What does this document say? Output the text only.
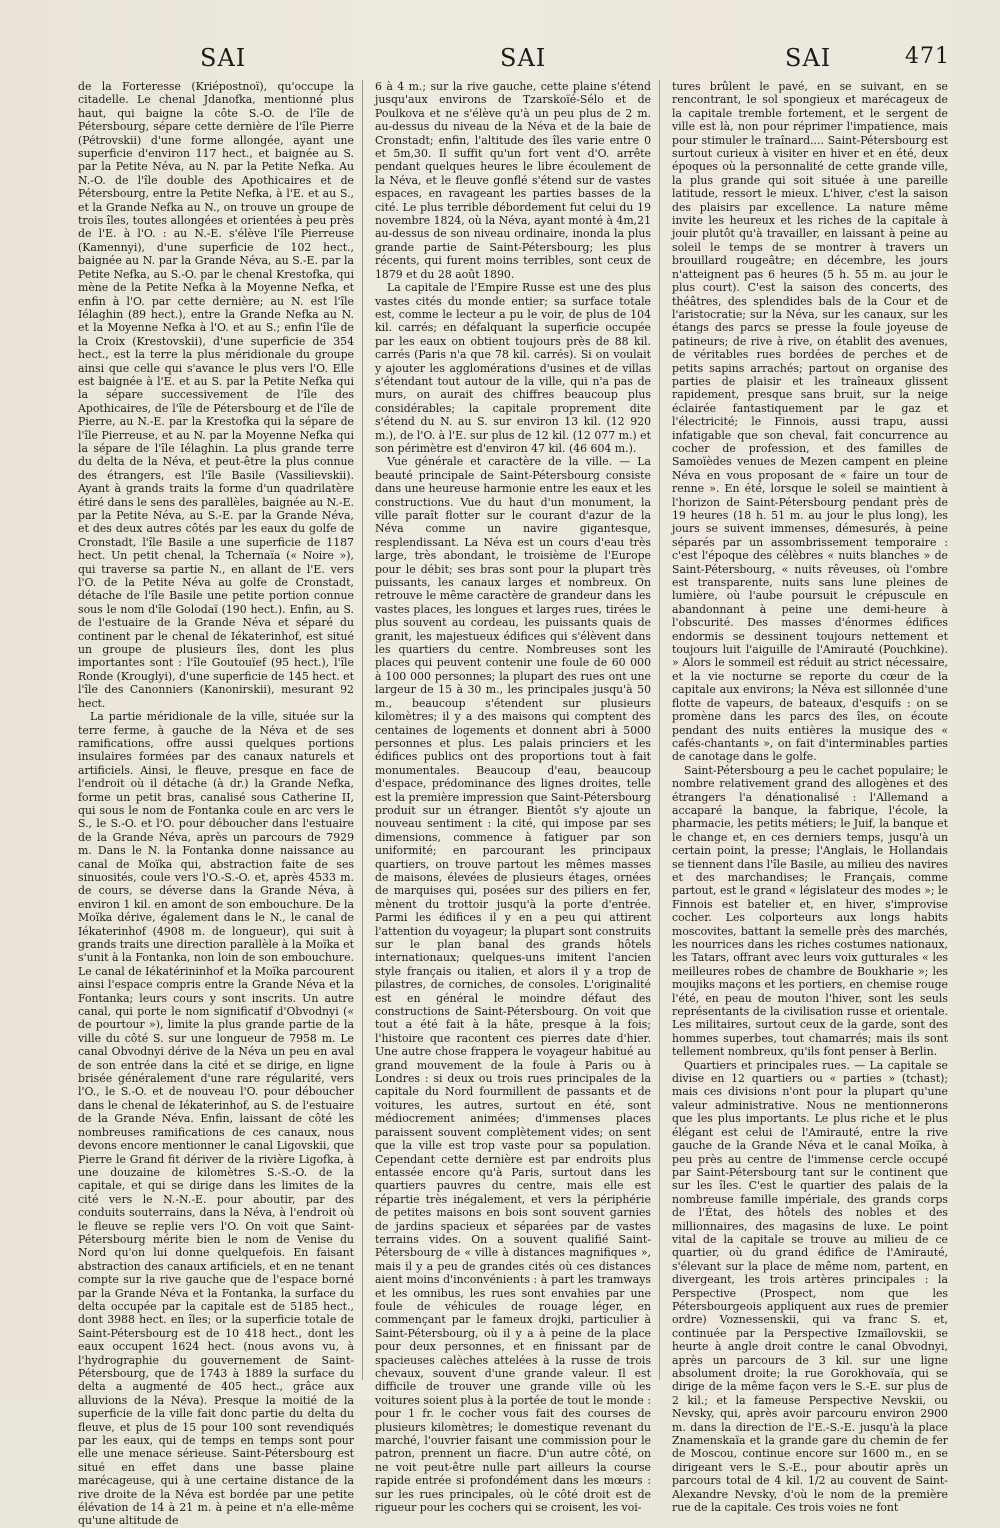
SAI	SAI	SAI	471

de la Forteresse (Kriépostnoï), qu'occupe la citadelle. Le chenal Jdanofka, mentionné plus haut, qui baigne la côte S.-O. de l'île de Pétersbourg, sépare cette dernière de l'île Pierre (Pétrovskii) d'une forme allongée, ayant une superficie d'environ 117 hect., et baignée au S. par la Petite Néva, au N. par la Petite Nefka. Au N.-O. de l'île double des Apothicaires et de Pétersbourg, entre la Petite Nefka, à l'E. et au S., et la Grande Nefka au N., on trouve un groupe de trois îles, toutes allongées et orientées à peu près de l'E. à l'O. : au N.-E. s'élève l'île Pierreuse (Kamennyi), d'une superficie de 102 hect., baignée au N. par la Grande Néva, au S.-E. par la Petite Nefka, au S.-O. par le chenal Krestofka, qui mène de la Petite Nefka à la Moyenne Nefka, et enfin à l'O. par cette dernière; au N. est l'île Iélaghin (89 hect.), entre la Grande Nefka au N. et la Moyenne Nefka à l'O. et au S.; enfin l'île de la Croix (Krestovskii), d'une superficie de 354 hect., est la terre la plus méridionale du groupe ainsi que celle qui s'avance le plus vers l'O. Elle est baignée à l'E. et au S. par la Petite Nefka qui la sépare successivement de l'île des Apothicaires, de l'île de Pétersbourg et de l'île de Pierre, au N.-E. par la Krestofka qui la sépare de l'île Pierreuse, et au N. par la Moyenne Nefka qui la sépare de l'île Iélaghin. La plus grande terre du delta de la Néva, et peut-être la plus connue des étrangers, est l'île Basile (Vassilievskii). Ayant à grands traits la forme d'un quadrilatère étiré dans le sens des parallèles, baignée au N.-E. par la Petite Néva, au S.-E. par la Grande Néva, et des deux autres côtés par les eaux du golfe de Cronstadt, l'île Basile a une superficie de 1187 hect. Un petit chenal, la Tchernaïa (« Noire »), qui traverse sa partie N., en allant de l'E. vers l'O. de la Petite Néva au golfe de Cronstadt, détache de l'île Basile une petite portion connue sous le nom d'île Golodaï (190 hect.). Enfin, au S. de l'estuaire de la Grande Néva et séparé du continent par le chenal de Iékaterinhof, est situé un groupe de plusieurs îles, dont les plus importantes sont : l'île Goutouïef (95 hect.), l'île Ronde (Krouglyi), d'une superficie de 145 hect. et l'île des Canonniers (Kanonirskii), mesurant 92 hect.

La partie méridionale de la ville, située sur la terre ferme, à gauche de la Néva et de ses ramifications, offre aussi quelques portions insulaires formées par des canaux naturels et artificiels. Ainsi, le fleuve, presque en face de l'endroit où il détache (à dr.) la Grande Nefka, forme un petit bras, canalisé sous Catherine II, qui sous le nom de Fontanka coule en arc vers le S., le S.-O. et l'O. pour déboucher dans l'estuaire de la Grande Néva, après un parcours de 7929 m. Dans le N. la Fontanka donne naissance au canal de Moïka qui, abstraction faite de ses sinuosités, coule vers l'O.-S.-O. et, après 4533 m. de cours, se déverse dans la Grande Néva, à environ 1 kil. en amont de son embouchure. De la Moïka dérive, également dans le N., le canal de Iékaterinhof (4908 m. de longueur), qui suit à grands traits une direction parallèle à la Moïka et s'unit à la Fontanka, non loin de son embouchure. Le canal de Iékatérininhof et la Moïka parcourent ainsi l'espace compris entre la Grande Néva et la Fontanka; leurs cours y sont inscrits. Un autre canal, qui porte le nom significatif d'Obvodnyi (« de pourtour »), limite la plus grande partie de la ville du côté S. sur une longueur de 7958 m. Le canal Obvodnyi dérive de la Néva un peu en aval de son entrée dans la cité et se dirige, en ligne brisée généralement d'une rare régularité, vers l'O., le S.-O. et de nouveau l'O. pour déboucher dans le chenal de Iékaterinhof, au S. de l'estuaire de la Grande Néva. Enfin, laissant de côté les nombreuses ramifications de ces canaux, nous devons encore mentionner le canal Ligovskii, que Pierre le Grand fit dériver de la rivière Ligofka, à une douzaine de kilomètres S.-S.-O. de la capitale, et qui se dirige dans les limites de la cité vers le N.-N.-E. pour aboutir, par des conduits souterrains, dans la Néva, à l'endroit où le fleuve se replie vers l'O. On voit que Saint-Pétersbourg mérite bien le nom de Venise du Nord qu'on lui donne quelquefois. En faisant abstraction des canaux artificiels, et en ne tenant compte sur la rive gauche que de l'espace borné par la Grande Néva et la Fontanka, la surface du delta occupée par la capitale est de 5185 hect., dont 3988 hect. en îles; or la superficie totale de Saint-Pétersbourg est de 10 418 hect., dont les eaux occupent 1624 hect. (nous avons vu, à l'hydrographie du gouvernement de Saint-Pétersbourg, que de 1743 à 1889 la surface du delta a augmenté de 405 hect., grâce aux alluvions de la Néva). Presque la moitié de la superficie de la ville fait donc partie du delta du fleuve, et plus de 15 pour 100 sont revendiqués par les eaux, qui de temps en temps sont pour elle une menace sérieuse. Saint-Pétersbourg est situé en effet dans une basse plaine marécageuse, qui à une certaine distance de la rive droite de la Néva est bordée par une petite élévation de 14 à 21 m. à peine et n'a elle-même qu'une altitude de

6 à 4 m.; sur la rive gauche, cette plaine s'étend jusqu'aux environs de Tzarskoïé-Sélo et de Poulkova et ne s'élève qu'à un peu plus de 2 m. au-dessus du niveau de la Néva et de la baie de Cronstadt; enfin, l'altitude des îles varie entre 0 et 5m,30. Il suffit qu'un fort vent d'O. arrête pendant quelques heures le libre écoulement de la Néva, et le fleuve gonflé s'étend sur de vastes espaces, en ravageant les parties basses de la cité. Le plus terrible débordement fut celui du 19 novembre 1824, où la Néva, ayant monté à 4m,21 au-dessus de son niveau ordinaire, inonda la plus grande partie de Saint-Pétersbourg; les plus récents, qui furent moins terribles, sont ceux de 1879 et du 28 août 1890.

La capitale de l'Empire Russe est une des plus vastes cités du monde entier; sa surface totale est, comme le lecteur a pu le voir, de plus de 104 kil. carrés; en défalquant la superficie occupée par les eaux on obtient toujours près de 88 kil. carrés (Paris n'a que 78 kil. carrés). Si on voulait y ajouter les agglomérations d'usines et de villas s'étendant tout autour de la ville, qui n'a pas de murs, on aurait des chiffres beaucoup plus considérables; la capitale proprement dite s'étend du N. au S. sur environ 13 kil. (12 920 m.), de l'O. à l'E. sur plus de 12 kil. (12 077 m.) et son périmètre est d'environ 47 kil. (46 604 m.).

Vue générale et caractère de la ville. — La beauté principale de Saint-Pétersbourg consiste dans une heureuse harmonie entre les eaux et les constructions. Vue du haut d'un monument, la ville paraît flotter sur le courant d'azur de la Néva comme un navire gigantesque, resplendissant. La Néva est un cours d'eau très large, très abondant, le troisième de l'Europe pour le débit; ses bras sont pour la plupart très puissants, les canaux larges et nombreux. On retrouve le même caractère de grandeur dans les vastes places, les longues et larges rues, tirées le plus souvent au cordeau, les puissants quais de granit, les majestueux édifices qui s'élèvent dans les quartiers du centre. Nombreuses sont les places qui peuvent contenir une foule de 60 000 à 100 000 personnes; la plupart des rues ont une largeur de 15 à 30 m., les principales jusqu'à 50 m., beaucoup s'étendent sur plusieurs kilomètres; il y a des maisons qui comptent des centaines de logements et donnent abri à 5000 personnes et plus. Les palais princiers et les édifices publics ont des proportions tout à fait monumentales. Beaucoup d'eau, beaucoup d'espace, prédominance des lignes droites, telle est la première impression que Saint-Pétersbourg produit sur un étranger. Bientôt s'y ajoute un nouveau sentiment : la cité, qui impose par ses dimensions, commence à fatiguer par son uniformité; en parcourant les principaux quartiers, on trouve partout les mêmes masses de maisons, élevées de plusieurs étages, ornées de marquises qui, posées sur des piliers en fer, mènent du trottoir jusqu'à la porte d'entrée. Parmi les édifices il y en a peu qui attirent l'attention du voyageur; la plupart sont construits sur le plan banal des grands hôtels internationaux; quelques-uns imitent l'ancien style français ou italien, et alors il y a trop de pilastres, de corniches, de consoles. L'originalité est en général le moindre défaut des constructions de Saint-Pétersbourg. On voit que tout a été fait à la hâte, presque à la fois; l'histoire que racontent ces pierres date d'hier. Une autre chose frappera le voyageur habitué au grand mouvement de la foule à Paris ou à Londres : si deux ou trois rues principales de la capitale du Nord fourmillent de passants et de voitures, les autres, surtout en été, sont médiocrement animées; d'immenses places paraissent souvent complètement vides; on sent que la ville est trop vaste pour sa population. Cependant cette dernière est par endroits plus entassée encore qu'à Paris, surtout dans les quartiers pauvres du centre, mais elle est répartie très inégalement, et vers la périphérie de petites maisons en bois sont souvent garnies de jardins spacieux et séparées par de vastes terrains vides. On a souvent qualifié Saint-Pétersbourg de « ville à distances magnifiques », mais il y a peu de grandes cités où ces distances aient moins d'inconvénients : à part les tramways et les omnibus, les rues sont envahies par une foule de véhicules de rouage léger, en commençant par le fameux drojki, particulier à Saint-Pétersbourg, où il y a à peine de la place pour deux personnes, et en finissant par de spacieuses calèches attelées à la russe de trois chevaux, souvent d'une grande valeur. Il est difficile de trouver une grande ville où les voitures soient plus à la portée de tout le monde : pour 1 fr. le cocher vous fait des courses de plusieurs kilomètres; le domestique revenant du marché, l'ouvrier faisant une commission pour le patron, prennent un fiacre. D'un autre côté, on ne voit peut-être nulle part ailleurs la course rapide entrée si profondément dans les mœurs : sur les rues principales, où le côté droit est de rigueur pour les cochers qui se croisent, les voi-

tures brûlent le pavé, en se suivant, en se rencontrant, le sol spongieux et marécageux de la capitale tremble fortement, et le sergent de ville est là, non pour réprimer l'impatience, mais pour stimuler le traînard.... Saint-Pétersbourg est surtout curieux à visiter en hiver et en été, deux époques où la personnalité de cette grande ville, la plus grande qui soit située à une pareille latitude, ressort le mieux. L'hiver, c'est la saison des plaisirs par excellence. La nature même invite les heureux et les riches de la capitale à jouir plutôt qu'à travailler, en laissant à peine au soleil le temps de se montrer à travers un brouillard rougeâtre; en décembre, les jours n'atteignent pas 6 heures (5 h. 55 m. au jour le plus court). C'est la saison des concerts, des théâtres, des splendides bals de la Cour et de l'aristocratie; sur la Néva, sur les canaux, sur les étangs des parcs se presse la foule joyeuse de patineurs; de rive à rive, on établit des avenues, de véritables rues bordées de perches et de petits sapins arrachés; partout on organise des parties de plaisir et les traîneaux glissent rapidement, presque sans bruit, sur la neige éclairée fantastiquement par le gaz et l'électricité; le Finnois, aussi trapu, aussi infatigable que son cheval, fait concurrence au cocher de profession, et des familles de Samoïèdes venues de Mezen campent en pleine Néva en vous proposant de « faire un tour de renne ». En été, lorsque le soleil se maintient à l'horizon de Saint-Pétersbourg pendant près de 19 heures (18 h. 51 m. au jour le plus long), les jours se suivent immenses, démesurés, à peine séparés par un assombrissement temporaire : c'est l'époque des célèbres « nuits blanches » de Saint-Pétersbourg, « nuits rêveuses, où l'ombre est transparente, nuits sans lune pleines de lumière, où l'aube poursuit le crépuscule en abandonnant à peine une demi-heure à l'obscurité. Des masses d'énormes édifices endormis se dessinent toujours nettement et toujours luit l'aiguille de l'Amirauté (Pouchkine). » Alors le sommeil est réduit au strict nécessaire, et la vie nocturne se reporte du cœur de la capitale aux environs; la Néva est sillonnée d'une flotte de vapeurs, de bateaux, d'esquifs : on se promène dans les parcs des îles, on écoute pendant des nuits entières la musique des « cafés-chantants », on fait d'interminables parties de canotage dans le golfe.

Saint-Pétersbourg a peu le cachet populaire; le nombre relativement grand des allogènes et des étrangers l'a dénationalisé : l'Allemand a accaparé la banque, la fabrique, l'école, la pharmacie, les petits métiers; le Juif, la banque et le change et, en ces derniers temps, jusqu'à un certain point, la presse; l'Anglais, le Hollandais se tiennent dans l'île Basile, au milieu des navires et des marchandises; le Français, comme partout, est le grand « législateur des modes »; le Finnois est batelier et, en hiver, s'improvise cocher. Les colporteurs aux longs habits moscovites, battant la semelle près des marchés, les nourrices dans les riches costumes nationaux, les Tatars, offrant avec leurs voix gutturales « les meilleures robes de chambre de Boukharie »; les moujiks maçons et les portiers, en chemise rouge l'été, en peau de mouton l'hiver, sont les seuls représentants de la civilisation russe et orientale. Les militaires, surtout ceux de la garde, sont des hommes superbes, tout chamarrés; mais ils sont tellement nombreux, qu'ils font penser à Berlin.

Quartiers et principales rues. — La capitale se divise en 12 quartiers ou « parties » (tchast); mais ces divisions n'ont pour la plupart qu'une valeur administrative. Nous ne mentionnerons que les plus importants. Le plus riche et le plus élégant est celui de l'Amirauté, entre la rive gauche de la Grande Néva et le canal Moïka, à peu près au centre de l'immense cercle occupé par Saint-Pétersbourg tant sur le continent que sur les îles. C'est le quartier des palais de la nombreuse famille impériale, des grands corps de l'État, des hôtels des nobles et des millionnaires, des magasins de luxe. Le point vital de la capitale se trouve au milieu de ce quartier, où du grand édifice de l'Amirauté, s'élevant sur la place de même nom, partent, en divergeant, les trois artères principales : la Perspective (Prospect, nom que les Pétersbourgeois appliquent aux rues de premier ordre) Voznessenskii, qui va franc S. et, continuée par la Perspective Izmaïlovskii, se heurte à angle droit contre le canal Obvodnyi, après un parcours de 3 kil. sur une ligne absolument droite; la rue Gorokhovaïa, qui se dirige de la même façon vers le S.-E. sur plus de 2 kil.; et la fameuse Perspective Nevskii, ou Nevsky, qui, après avoir parcouru environ 2900 m. dans la direction de l'E.-S.-E. jusqu'à la place Znamenskaïa et la grande gare du chemin de fer de Moscou, continue encore sur 1600 m., en se dirigeant vers le S.-E., pour aboutir après un parcours total de 4 kil. 1/2 au couvent de Saint-Alexandre Nevsky, d'où le nom de la première rue de la capitale. Ces trois voies ne font
